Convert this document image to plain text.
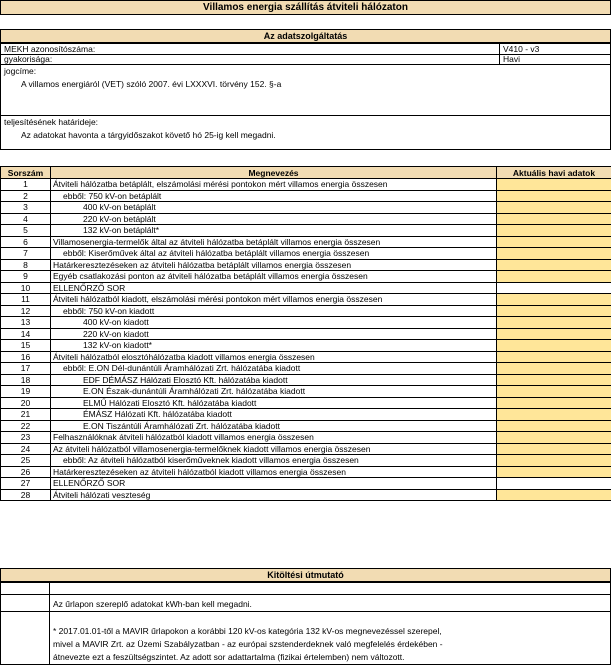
Villamos energia szállítás átviteli hálózaton
Az adatszolgáltatás
MEKH azonosítószáma:	V410 - v3
gyakorisága:	Havi
jogcíme:
A villamos energiáról (VET) szóló 2007. évi LXXXVI. törvény 152. §-a
teljesítésének határideje:
Az adatokat havonta a tárgyidőszakot követő hó 25-ig kell megadni.
Sorszám	Megnevezés	Aktuális havi adatok
1	Átviteli hálózatba betáplált, elszámolási mérési pontokon mért villamos energia összesen	
2	ebből: 750 kV-on betáplált	
3	400 kV-on betáplált	
4	220 kV-on betáplált	
5	132 kV-on betáplált*	
6	Villamosenergia-termelők által az átviteli hálózatba betáplált villamos energia összesen	
7	ebből: Kiserőművek által az átviteli hálózatba betáplált villamos energia összesen	
8	Határkeresztezéseken az átviteli hálózatba betáplált villamos energia összesen	
9	Egyéb csatlakozási ponton az átviteli hálózatba betáplált villamos energia összesen	
10	ELLENŐRZŐ SOR	
11	Átviteli hálózatból kiadott, elszámolási mérési pontokon mért villamos energia összesen	
12	ebből: 750 kV-on kiadott	
13	400 kV-on kiadott	
14	220 kV-on kiadott	
15	132 kV-on kiadott*	
16	Átviteli hálózatból elosztóhálózatba kiadott villamos energia összesen	
17	ebből: E.ON Dél-dunántúli Áramhálózati Zrt. hálózatába kiadott	
18	EDF DÉMÁSZ Hálózati Elosztó Kft. hálózatába kiadott	
19	E.ON Észak-dunántúli Áramhálózati Zrt. hálózatába kiadott	
20	ELMŰ Hálózati Elosztó Kft. hálózatába kiadott	
21	ÉMÁSZ Hálózati Kft. hálózatába kiadott	
22	E.ON Tiszántúli Áramhálózati Zrt. hálózatába kiadott	
23	Felhasználóknak átviteli hálózatból kiadott villamos energia összesen	
24	Az átviteli hálózatból villamosenergia-termelőknek kiadott villamos energia összesen	
25	ebből: Az átviteli hálózatból kiserőműveknek kiadott villamos energia összesen	
26	Határkeresztezéseken az átviteli hálózatból kiadott villamos energia összesen	
27	ELLENŐRZŐ SOR	
28	Átviteli hálózati veszteség	
Kitöltési útmutató
Az űrlapon szereplő adatokat kWh-ban kell megadni.
* 2017.01.01-től a MAVIR űrlapokon a korábbi 120 kV-os kategória 132 kV-os megnevezéssel szerepel,
mivel a MAVIR Zrt. az Üzemi Szabályzatban - az európai szstenderdeknek való megfelelés érdekében -
átnevezte ezt a feszültségszintet. Az adott sor adattartalma (fizikai értelemben) nem változott.
